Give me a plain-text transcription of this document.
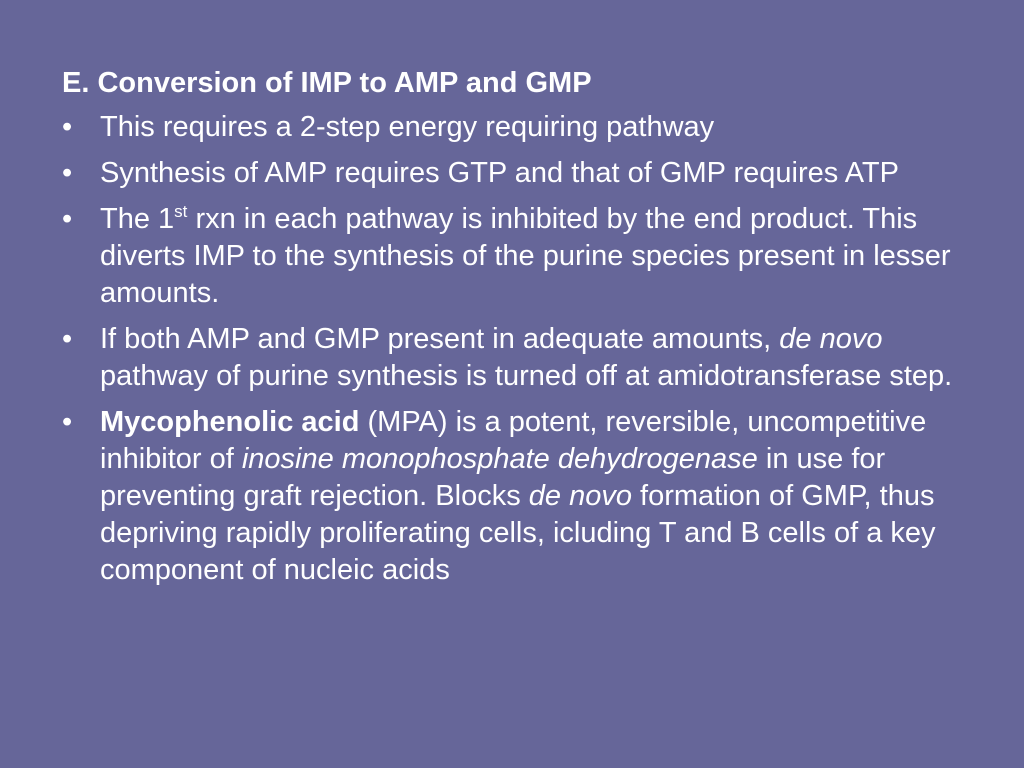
E. Conversion of IMP to AMP and GMP
• This requires a 2-step energy requiring pathway
• Synthesis of AMP requires GTP and that of GMP requires ATP
• The 1st rxn in each pathway is inhibited by the end product. This diverts IMP to the synthesis of the purine species present in lesser amounts.
• If both AMP and GMP present in adequate amounts, de novo pathway of purine synthesis is turned off at amidotransferase step.
• Mycophenolic acid (MPA) is a potent, reversible, uncompetitive inhibitor of inosine monophosphate dehydrogenase in use for preventing graft rejection. Blocks de novo formation of GMP, thus depriving rapidly proliferating cells, icluding T and B cells of a key component of nucleic acids
